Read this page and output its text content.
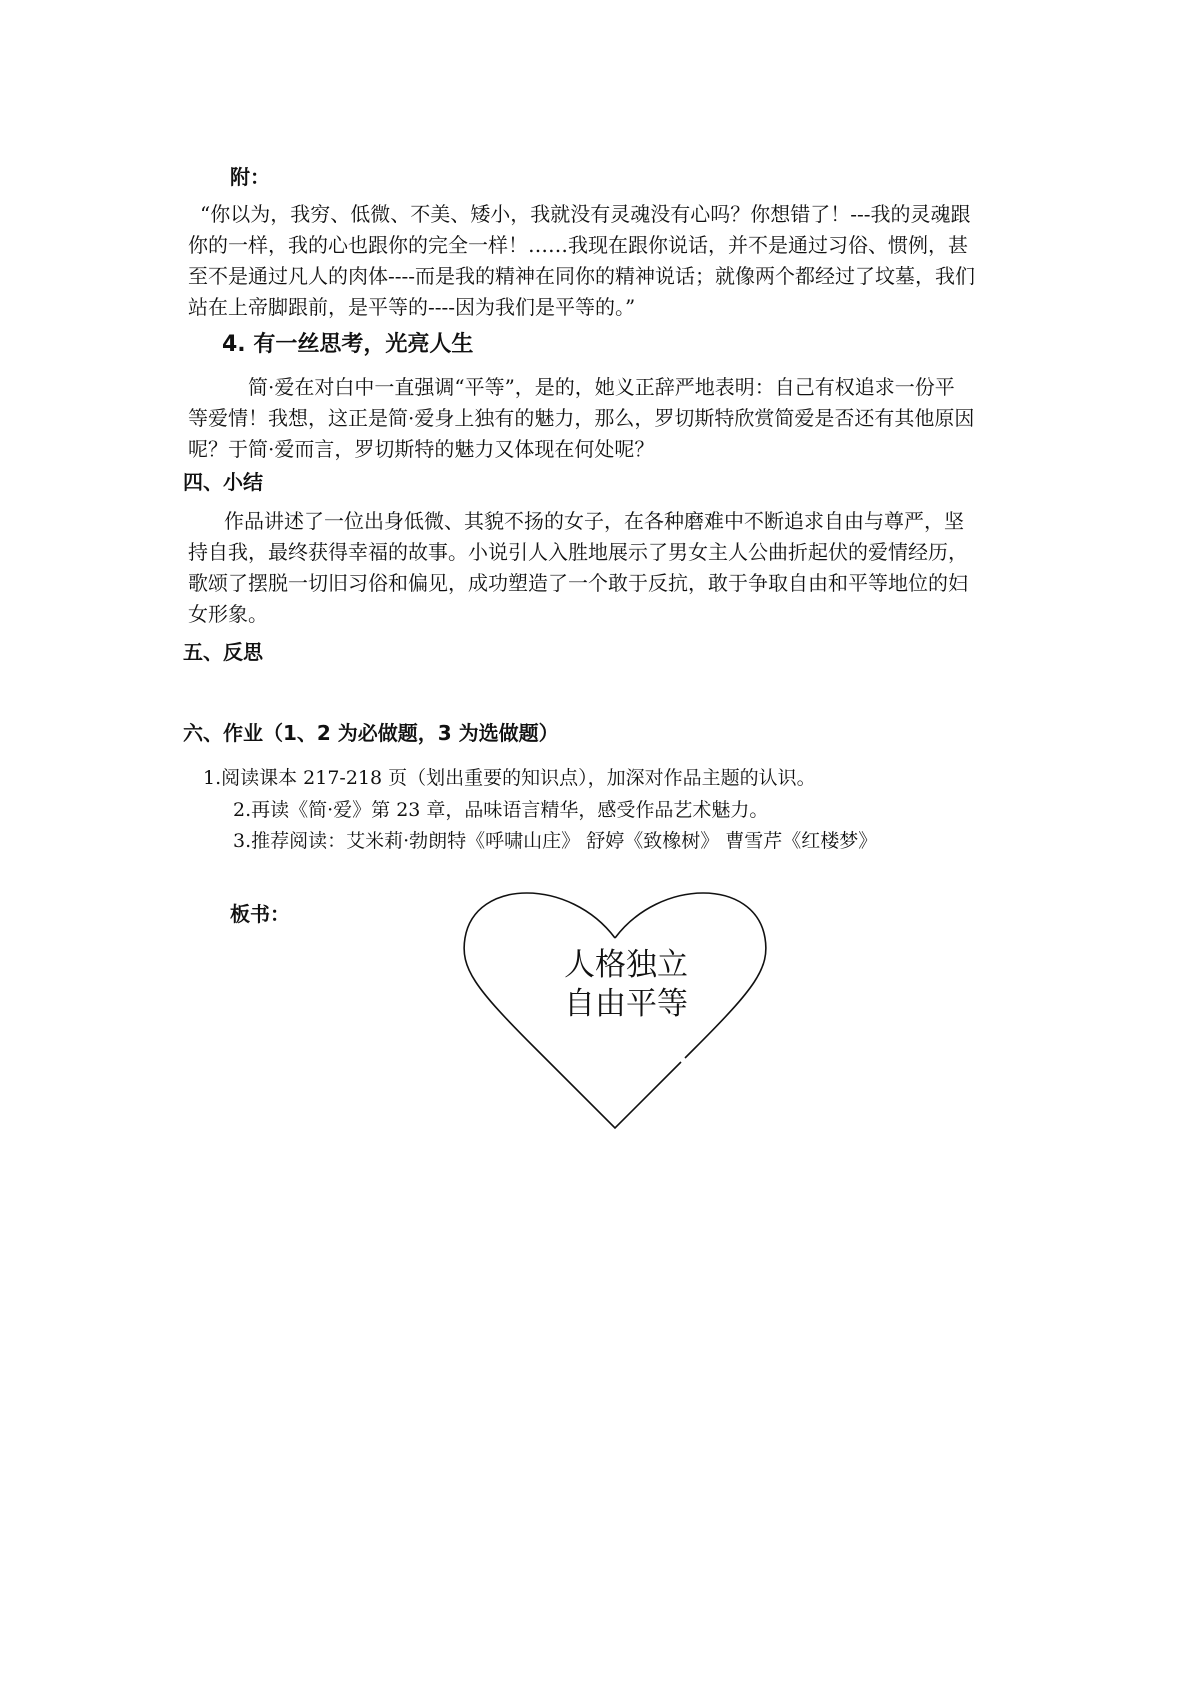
附：

“你以为，我穷、低微、不美、矮小，我就没有灵魂没有心吗？你想错了！---我的灵魂跟
你的一样，我的心也跟你的完全一样！……我现在跟你说话，并不是通过习俗、惯例，甚
至不是通过凡人的肉体----而是我的精神在同你的精神说话；就像两个都经过了坟墓，我们
站在上帝脚跟前，是平等的----因为我们是平等的。”

4. 有一丝思考，光亮人生

简·爱在对白中一直强调“平等”，是的，她义正辞严地表明：自己有权追求一份平
等爱情！我想，这正是简·爱身上独有的魅力，那么，罗切斯特欣赏简爱是否还有其他原因
呢？于简·爱而言，罗切斯特的魅力又体现在何处呢？

四、小结

作品讲述了一位出身低微、其貌不扬的女子，在各种磨难中不断追求自由与尊严，坚
持自我，最终获得幸福的故事。小说引人入胜地展示了男女主人公曲折起伏的爱情经历，
歌颂了摆脱一切旧习俗和偏见，成功塑造了一个敢于反抗，敢于争取自由和平等地位的妇
女形象。

五、反思

六、作业（1、2 为必做题，3 为选做题）

1.阅读课本 217-218 页（划出重要的知识点），加深对作品主题的认识。
2.再读《简·爱》第 23 章，品味语言精华，感受作品艺术魅力。
3.推荐阅读：艾米莉·勃朗特《呼啸山庄》 舒婷《致橡树》 曹雪芹《红楼梦》

板书：

人格独立
自由平等
